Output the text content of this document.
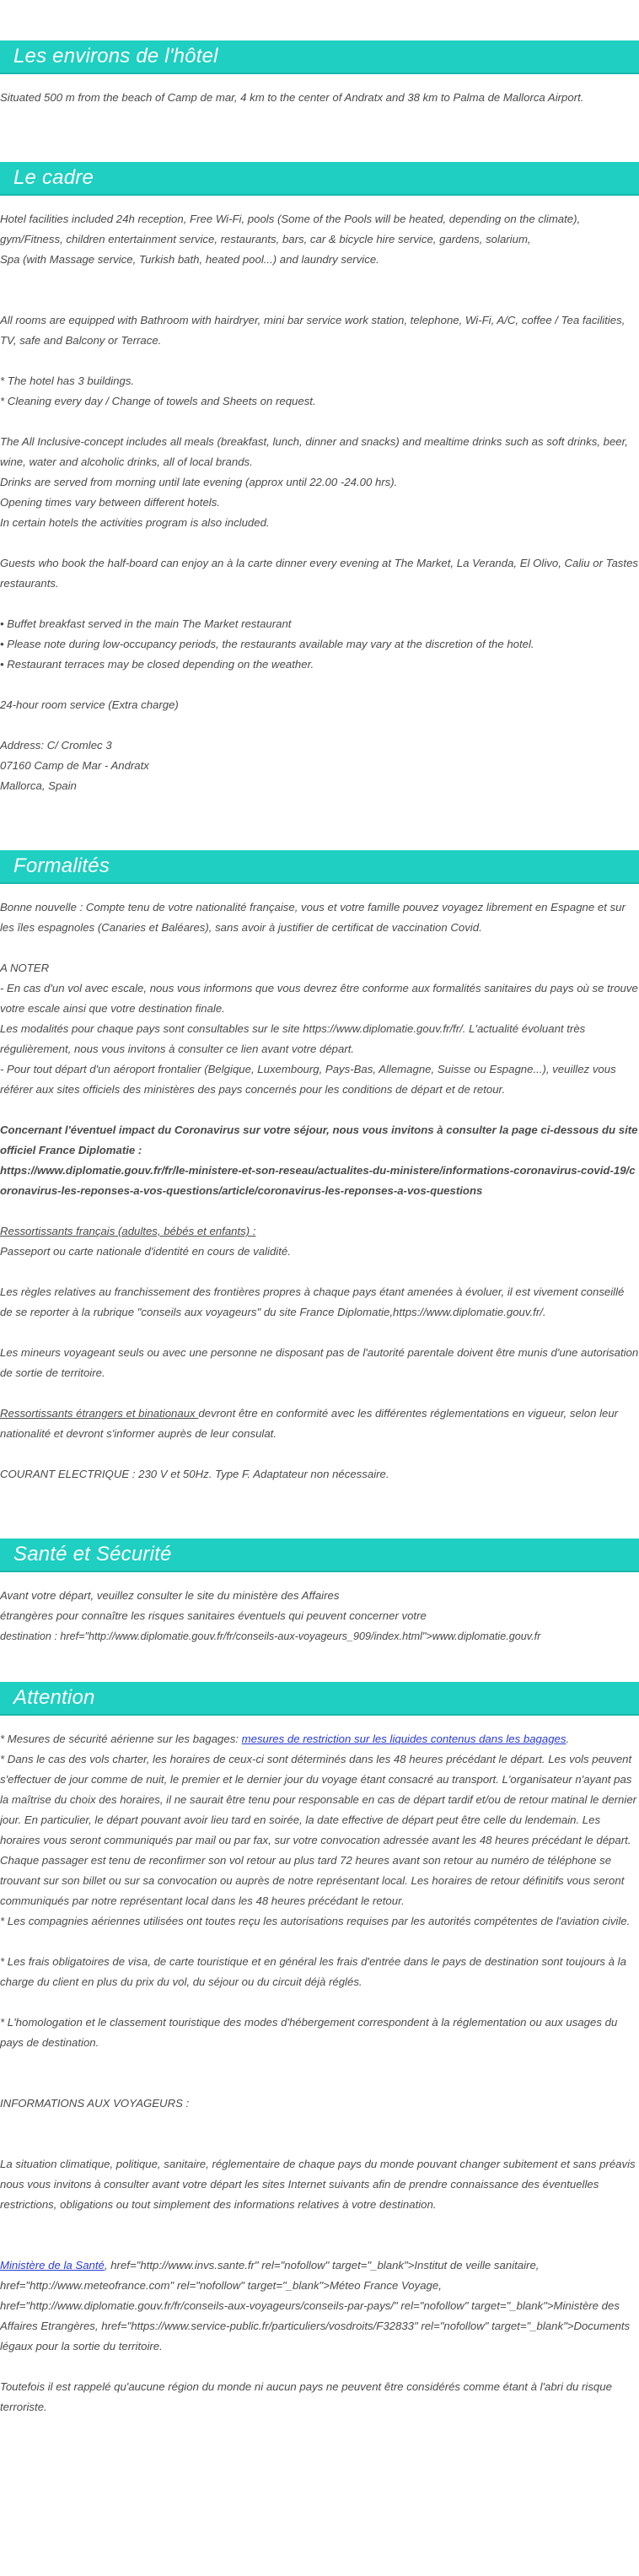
Les environs de l'hôtel

Situated 500 m from the beach of Camp de mar, 4 km to the center of Andratx and 38 km to Palma de Mallorca Airport.

Le cadre

Hotel facilities included 24h reception, Free Wi-Fi, pools (Some of the Pools will be heated, depending on the climate), gym/Fitness, children entertainment service, restaurants, bars, car & bicycle hire service, gardens, solarium,

Spa (with Massage service, Turkish bath, heated pool...) and laundry service.

All rooms are equipped with Bathroom with hairdryer, mini bar service work station, telephone, Wi-Fi, A/C, coffee / Tea facilities, TV, safe and Balcony or Terrace.

* The hotel has 3 buildings.

* Cleaning every day / Change of towels and Sheets on request.

The All Inclusive-concept includes all meals (breakfast, lunch, dinner and snacks) and mealtime drinks such as soft drinks, beer, wine, water and alcoholic drinks, all of local brands.

Drinks are served from morning until late evening (approx until 22.00 -24.00 hrs).

Opening times vary between different hotels.

In certain hotels the activities program is also included.

Guests who book the half-board can enjoy an à la carte dinner every evening at The Market, La Veranda, El Olivo, Caliu or Tastes

restaurants.

• Buffet breakfast served in the main The Market restaurant

• Please note during low-occupancy periods, the restaurants available may vary at the discretion of the hotel.

• Restaurant terraces may be closed depending on the weather.

24-hour room service (Extra charge)

Address: C/ Cromlec 3

07160 Camp de Mar - Andratx

Mallorca, Spain

Formalités

Bonne nouvelle : Compte tenu de votre nationalité française, vous et votre famille pouvez voyagez librement en Espagne et sur les îles espagnoles (Canaries et Baléares), sans avoir à justifier de certificat de vaccination Covid.

A NOTER

- En cas d'un vol avec escale, nous vous informons que vous devrez être conforme aux formalités sanitaires du pays où se trouve votre escale ainsi que votre destination finale.

Les modalités pour chaque pays sont consultables sur le site https://www.diplomatie.gouv.fr/fr/. L'actualité évoluant très régulièrement, nous vous invitons à consulter ce lien avant votre départ.

- Pour tout départ d'un aéroport frontalier (Belgique, Luxembourg, Pays-Bas, Allemagne, Suisse ou Espagne...), veuillez vous référer aux sites officiels des ministères des pays concernés pour les conditions de départ et de retour.

Concernant l'éventuel impact du Coronavirus sur votre séjour, nous vous invitons à consulter la page ci-dessous du site officiel France Diplomatie :

https://www.diplomatie.gouv.fr/fr/le-ministere-et-son-reseau/actualites-du-ministere/informations-coronavirus-covid-19/coronavirus-les-reponses-a-vos-questions/article/coronavirus-les-reponses-a-vos-questions

Ressortissants français (adultes, bébés et enfants) :

Passeport ou carte nationale d'identité en cours de validité.

Les règles relatives au franchissement des frontières propres à chaque pays étant amenées à évoluer, il est vivement conseillé de se reporter à la rubrique "conseils aux voyageurs" du site France Diplomatie,https://www.diplomatie.gouv.fr/.

Les mineurs voyageant seuls ou avec une personne ne disposant pas de l'autorité parentale doivent être munis d'une autorisation de sortie de territoire.

Ressortissants étrangers et binationaux devront être en conformité avec les différentes réglementations en vigueur, selon leur nationalité et devront s'informer auprès de leur consulat.

COURANT ELECTRIQUE : 230 V et 50Hz. Type F. Adaptateur non nécessaire.

Santé et Sécurité

Avant votre départ, veuillez consulter le site du ministère des Affaires

étrangères pour connaître les risques sanitaires éventuels qui peuvent concerner votre

destination : href="http://www.diplomatie.gouv.fr/fr/conseils-aux-voyageurs_909/index.html">www.diplomatie.gouv.fr

Attention

* Mesures de sécurité aérienne sur les bagages: mesures de restriction sur les liquides contenus dans les bagages.

* Dans le cas des vols charter, les horaires de ceux-ci sont déterminés dans les 48 heures précédant le départ. Les vols peuvent s'effectuer de jour comme de nuit, le premier et le dernier jour du voyage étant consacré au transport. L'organisateur n'ayant pas la maîtrise du choix des horaires, il ne saurait être tenu pour responsable en cas de départ tardif et/ou de retour matinal le dernier jour. En particulier, le départ pouvant avoir lieu tard en soirée, la date effective de départ peut être celle du lendemain. Les horaires vous seront communiqués par mail ou par fax, sur votre convocation adressée avant les 48 heures précédant le départ. Chaque passager est tenu de reconfirmer son vol retour au plus tard 72 heures avant son retour au numéro de téléphone se trouvant sur son billet ou sur sa convocation ou auprès de notre représentant local. Les horaires de retour définitifs vous seront communiqués par notre représentant local dans les 48 heures précédant le retour.

* Les compagnies aériennes utilisées ont toutes reçu les autorisations requises par les autorités compétentes de l'aviation civile.

* Les frais obligatoires de visa, de carte touristique et en général les frais d'entrée dans le pays de destination sont toujours à la charge du client en plus du prix du vol, du séjour ou du circuit déjà réglés.

* L'homologation et le classement touristique des modes d'hébergement correspondent à la réglementation ou aux usages du pays de destination.

INFORMATIONS AUX VOYAGEURS :

La situation climatique, politique, sanitaire, réglementaire de chaque pays du monde pouvant changer subitement et sans préavis

nous vous invitons à consulter avant votre départ les sites Internet suivants afin de prendre connaissance des éventuelles restrictions, obligations ou tout simplement des informations relatives à votre destination.

Ministère de la Santé, href="http://www.invs.sante.fr" rel="nofollow" target="_blank">Institut de veille sanitaire, href="http://www.meteofrance.com" rel="nofollow" target="_blank">Méteo France Voyage, href="http://www.diplomatie.gouv.fr/fr/conseils-aux-voyageurs/conseils-par-pays/" rel="nofollow" target="_blank">Ministère des Affaires Etrangères, href="https://www.service-public.fr/particuliers/vosdroits/F32833" rel="nofollow" target="_blank">Documents légaux pour la sortie du territoire.

Toutefois il est rappelé qu'aucune région du monde ni aucun pays ne peuvent être considérés comme étant à l'abri du risque terroriste.
